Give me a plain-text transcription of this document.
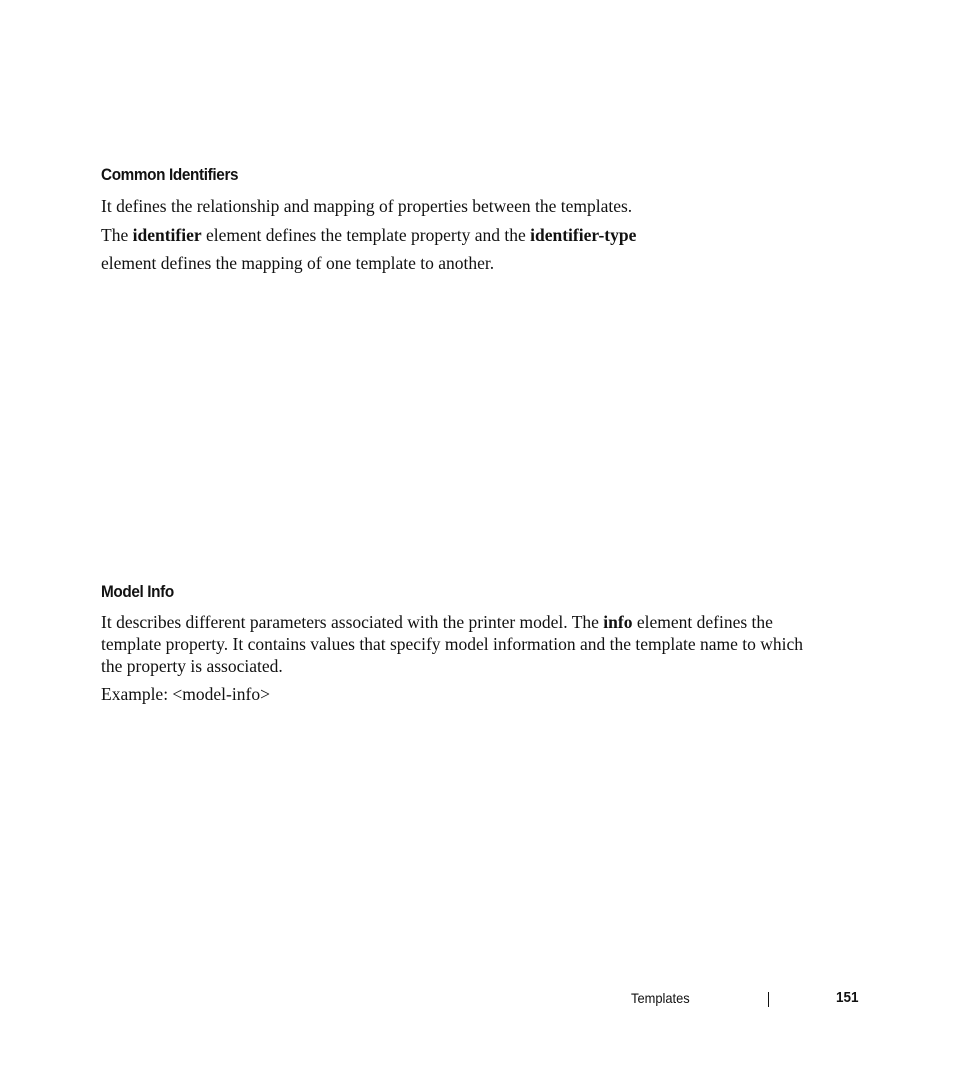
Common Identifiers

It defines the relationship and mapping of properties between the templates.

The identifier element defines the template property and the identifier-type

element defines the mapping of one template to another.

Model Info

It describes different parameters associated with the printer model. The info element defines the

template property. It contains values that specify model information and the template name to which

the property is associated.

Example: <model-info>

Templates	151
